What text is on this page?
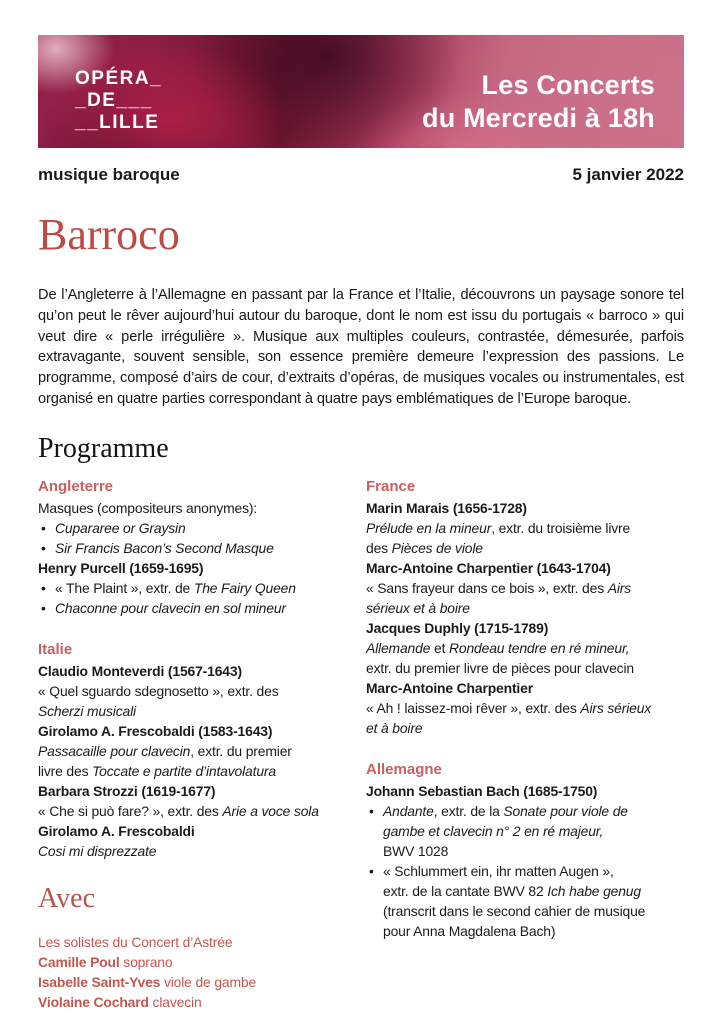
OPÉRA_
_DE___
__LILLE
Les Concerts
du Mercredi à 18h
musique baroque	5 janvier 2022
Barroco

De l’Angleterre à l’Allemagne en passant par la France et l’Italie, découvrons un paysage sonore tel qu’on peut le rêver aujourd’hui autour du baroque, dont le nom est issu du portugais « barroco » qui veut dire « perle irrégulière ». Musique aux multiples couleurs, contrastée, démesurée, parfois extravagante, souvent sensible, son essence première demeure l’expression des passions. Le programme, composé d’airs de cour, d’extraits d’opéras, de musiques vocales ou instrumentales, est organisé en quatre parties correspondant à quatre pays emblématiques de l’Europe baroque.

Programme
Angleterre
Masques (compositeurs anonymes):
• Cupararee or Graysin
• Sir Francis Bacon’s Second Masque
Henry Purcell (1659-1695)
• « The Plaint », extr. de The Fairy Queen
• Chaconne pour clavecin en sol mineur
Italie
Claudio Monteverdi (1567-1643)
« Quel sguardo sdegnosetto », extr. des
Scherzi musicali
Girolamo A. Frescobaldi (1583-1643)
Passacaille pour clavecin, extr. du premier
livre des Toccate e partite d’intavolatura
Barbara Strozzi (1619-1677)
« Che si può fare? », extr. des Arie a voce sola
Girolamo A. Frescobaldi
Cosi mi disprezzate
Avec
Les solistes du Concert d’Astrée
Camille Poul soprano
Isabelle Saint-Yves viole de gambe
Violaine Cochard clavecin
France
Marin Marais (1656-1728)
Prélude en la mineur, extr. du troisième livre
des Pièces de viole
Marc-Antoine Charpentier (1643-1704)
« Sans frayeur dans ce bois », extr. des Airs
sérieux et à boire
Jacques Duphly (1715-1789)
Allemande et Rondeau tendre en ré mineur,
extr. du premier livre de pièces pour clavecin
Marc-Antoine Charpentier
« Ah ! laissez-moi rêver », extr. des Airs sérieux
et à boire
Allemagne
Johann Sebastian Bach (1685-1750)
• Andante, extr. de la Sonate pour viole de
gambe et clavecin n° 2 en ré majeur,
BWV 1028
• « Schlummert ein, ihr matten Augen »,
extr. de la cantate BWV 82 Ich habe genug
(transcrit dans le second cahier de musique
pour Anna Magdalena Bach)
